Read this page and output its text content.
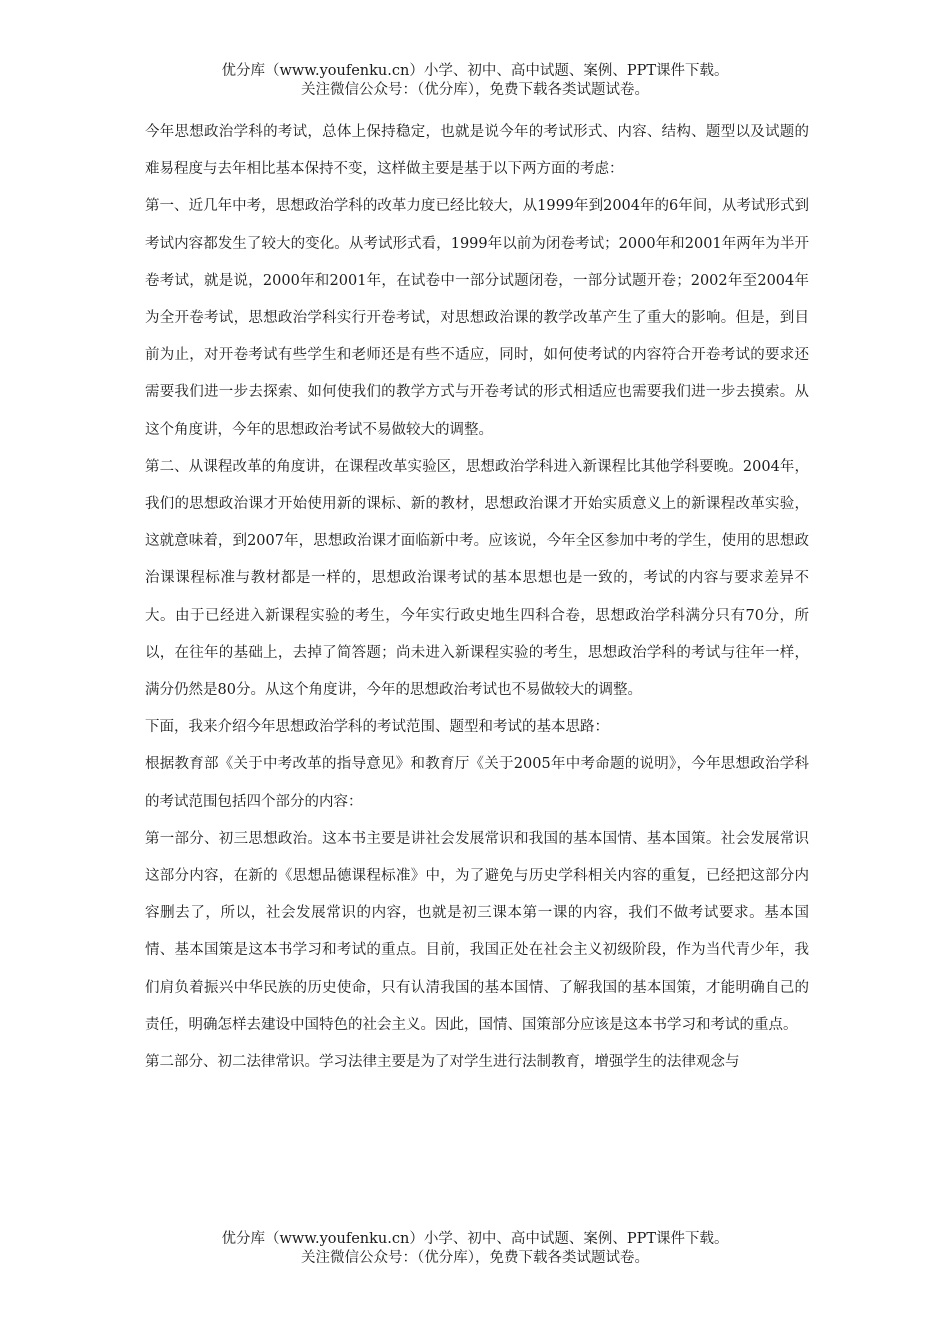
优分库（www.youfenku.cn）小学、初中、高中试题、案例、PPT课件下载。
关注微信公众号：（优分库），免费下载各类试题试卷。

今年思想政治学科的考试，总体上保持稳定，也就是说今年的考试形式、内容、结构、题型以及试题的难易程度与去年相比基本保持不变，这样做主要是基于以下两方面的考虑：

第一、近几年中考，思想政治学科的改革力度已经比较大，从1999年到2004年的6年间，从考试形式到考试内容都发生了较大的变化。从考试形式看，1999年以前为闭卷考试；2000年和2001年两年为半开卷考试，就是说，2000年和2001年，在试卷中一部分试题闭卷，一部分试题开卷；2002年至2004年为全开卷考试，思想政治学科实行开卷考试，对思想政治课的教学改革产生了重大的影响。但是，到目前为止，对开卷考试有些学生和老师还是有些不适应，同时，如何使考试的内容符合开卷考试的要求还需要我们进一步去探索、如何使我们的教学方式与开卷考试的形式相适应也需要我们进一步去摸索。从这个角度讲，今年的思想政治考试不易做较大的调整。

第二、从课程改革的角度讲，在课程改革实验区，思想政治学科进入新课程比其他学科要晚。2004年，我们的思想政治课才开始使用新的课标、新的教材，思想政治课才开始实质意义上的新课程改革实验，这就意味着，到2007年，思想政治课才面临新中考。应该说，今年全区参加中考的学生，使用的思想政治课课程标准与教材都是一样的，思想政治课考试的基本思想也是一致的，考试的内容与要求差异不大。由于已经进入新课程实验的考生，今年实行政史地生四科合卷，思想政治学科满分只有70分，所以，在往年的基础上，去掉了简答题；尚未进入新课程实验的考生，思想政治学科的考试与往年一样，满分仍然是80分。从这个角度讲，今年的思想政治考试也不易做较大的调整。

下面，我来介绍今年思想政治学科的考试范围、题型和考试的基本思路：

根据教育部《关于中考改革的指导意见》和教育厅《关于2005年中考命题的说明》，今年思想政治学科的考试范围包括四个部分的内容：

第一部分、初三思想政治。这本书主要是讲社会发展常识和我国的基本国情、基本国策。社会发展常识这部分内容，在新的《思想品德课程标准》中，为了避免与历史学科相关内容的重复，已经把这部分内容删去了，所以，社会发展常识的内容，也就是初三课本第一课的内容，我们不做考试要求。基本国情、基本国策是这本书学习和考试的重点。目前，我国正处在社会主义初级阶段，作为当代青少年，我们肩负着振兴中华民族的历史使命，只有认清我国的基本国情、了解我国的基本国策，才能明确自己的责任，明确怎样去建设中国特色的社会主义。因此，国情、国策部分应该是这本书学习和考试的重点。

第二部分、初二法律常识。学习法律主要是为了对学生进行法制教育，增强学生的法律观念与

优分库（www.youfenku.cn）小学、初中、高中试题、案例、PPT课件下载。
关注微信公众号：（优分库），免费下载各类试题试卷。
